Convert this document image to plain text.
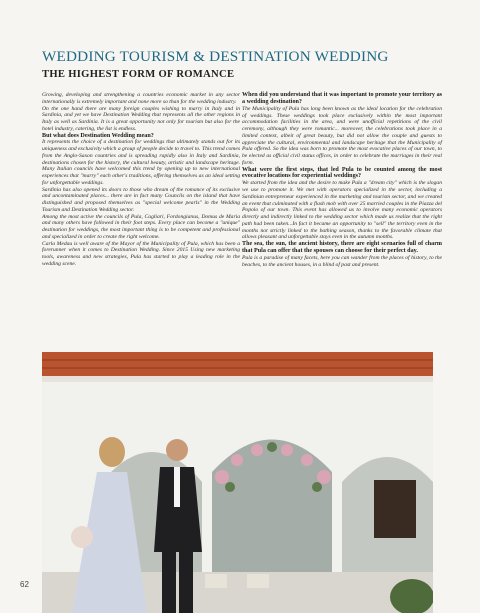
WEDDING TOURISM & DESTINATION WEDDING
THE HIGHEST FORM OF ROMANCE

Growing, developing and strengthening a countries economic market in any sector internationally is extremely important and none more so than for the wedding industry.

On the one hand there are many foreign couples wishing to marry in Italy and in Sardinia, and yet we have Destination Wedding that represents all the other regions in Italy as well as Sardinia. It is a great opportunity not only for tourism but also for the hotel industry, catering, the list is endless.

But what does Destination Wedding mean?

It represents the choice of a destination for weddings that ultimately stands out for its uniqueness and exclusivity which a group of people decide to travel to. This trend comes from the Anglo-Saxon countries and is spreading rapidly also in Italy and Sardinia, destinations chosen for the history, the cultural beauty, artistic and landscape heritage. Many Italian councils have welcomed this trend by opening up to new international experiences that "marry" each other's traditions, offering themselves as an ideal setting for unforgettable weddings.

Sardinia has also opened its doors to those who dream of the romance of its exclusive and uncontaminated places... there are in fact many Councils on the island that have distinguished and proposed themselves as "special welcome pearls" in the Wedding Tourism and Destination Wedding sector.

Among the most active the councils of Pula, Cagliari, Fordongianus, Domus de Maria and many others have followed in their foot steps. Every place can become a "unique" destination for weddings, the most important thing is to be competent and professional and specialized in order to create the right welcome.

Carla Medau is well aware of the Mayor of the Municipality of Pula, which has been a forerunner when it comes to Destination Wedding. Since 2015 Using new marketing tools, awareness and new strategies, Pula has started to play a leading role in the wedding scene.

When did you understand that it was important to promote your territory as a wedding destination?

The Municipality of Pula has long been known as the ideal location for the celebration of weddings. These weddings took place exclusively within the most important accommodation facilities in the area, and were unofficial repetitions of the civil ceremony, although they were romantic... moreover, the celebrations took place in a limited context, albeit of great beauty, but did not allow the couple and guests to appreciate the cultural, environmental and landscape heritage that the Municipality of Pula offered. So the idea was born to promote the most evocative places of our town, to be elected as official civil status offices, in order to celebrate the marriages in their real form.

What were the first steps, that led Pula to be counted among the most evocative locations for experiential weddings?

We started from the idea and the desire to make Pula a "dream city" which is the slogan we use to promote it. We met with operators specialized in the sector, including a Sardinian entrepreneur experienced in the marketing and tourism sector, and we created an event that culminated with a flash mob with over 25 married couples in the Piazza del Popolo of our town. This event has allowed us to involve many economic operators directly and indirectly linked to the wedding sector which made us realize that the right path had been taken...In fact it became an opportunity to "sell" the territory even in the months not strictly linked to the bathing season, thanks to the favorable climate that allows pleasant and unforgettable stays even in the autumn months.

The sea, the sun, the ancient history, there are eight scenarios full of charm that Pula can offer that the spouses can choose for their perfect day.

Pula is a paradise of many facets, here you can wander from the places of history, to the beaches, to the ancient houses, in a blind of past and present.

62
